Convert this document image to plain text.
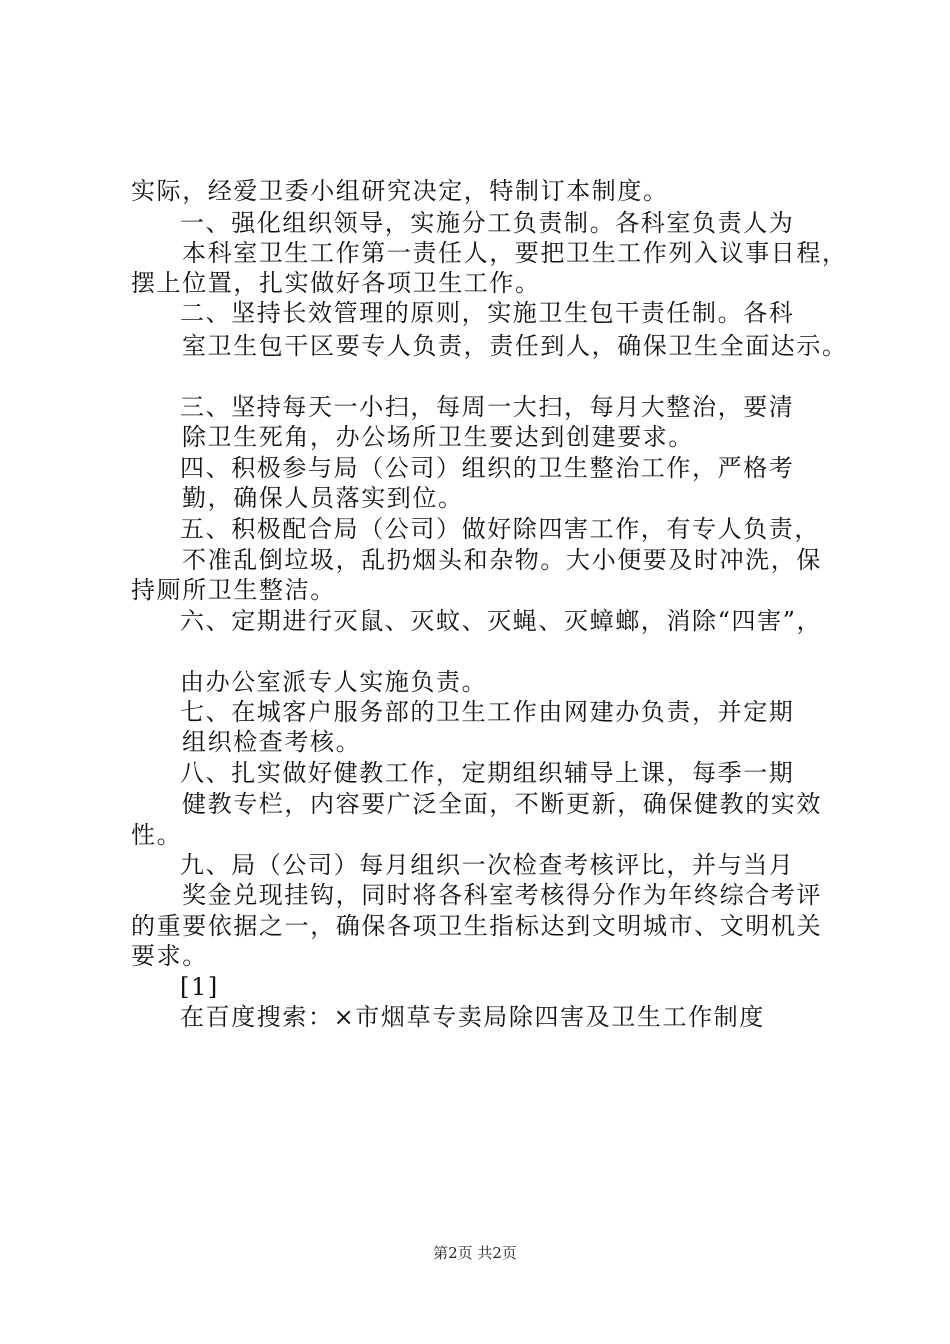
实际，经爱卫委小组研究决定，特制订本制度。
一、强化组织领导，实施分工负责制。各科室负责人为
本科室卫生工作第一责任人，要把卫生工作列入议事日程，
摆上位置，扎实做好各项卫生工作。
二、坚持长效管理的原则，实施卫生包干责任制。各科
室卫生包干区要专人负责，责任到人，确保卫生全面达示。
三、坚持每天一小扫，每周一大扫，每月大整治，要清
除卫生死角，办公场所卫生要达到创建要求。
四、积极参与局（公司）组织的卫生整治工作，严格考
勤，确保人员落实到位。
五、积极配合局（公司）做好除四害工作，有专人负责，
不准乱倒垃圾，乱扔烟头和杂物。大小便要及时冲洗，保
持厕所卫生整洁。
六、定期进行灭鼠、灭蚊、灭蝇、灭蟑螂，消除“四害”，
由办公室派专人实施负责。
七、在城客户服务部的卫生工作由网建办负责，并定期
组织检查考核。
八、扎实做好健教工作，定期组织辅导上课，每季一期
健教专栏，内容要广泛全面，不断更新，确保健教的实效
性。
九、局（公司）每月组织一次检查考核评比，并与当月
奖金兑现挂钩，同时将各科室考核得分作为年终综合考评
的重要依据之一，确保各项卫生指标达到文明城市、文明机关
要求。
[1]
在百度搜索：×市烟草专卖局除四害及卫生工作制度
第2页 共2页
